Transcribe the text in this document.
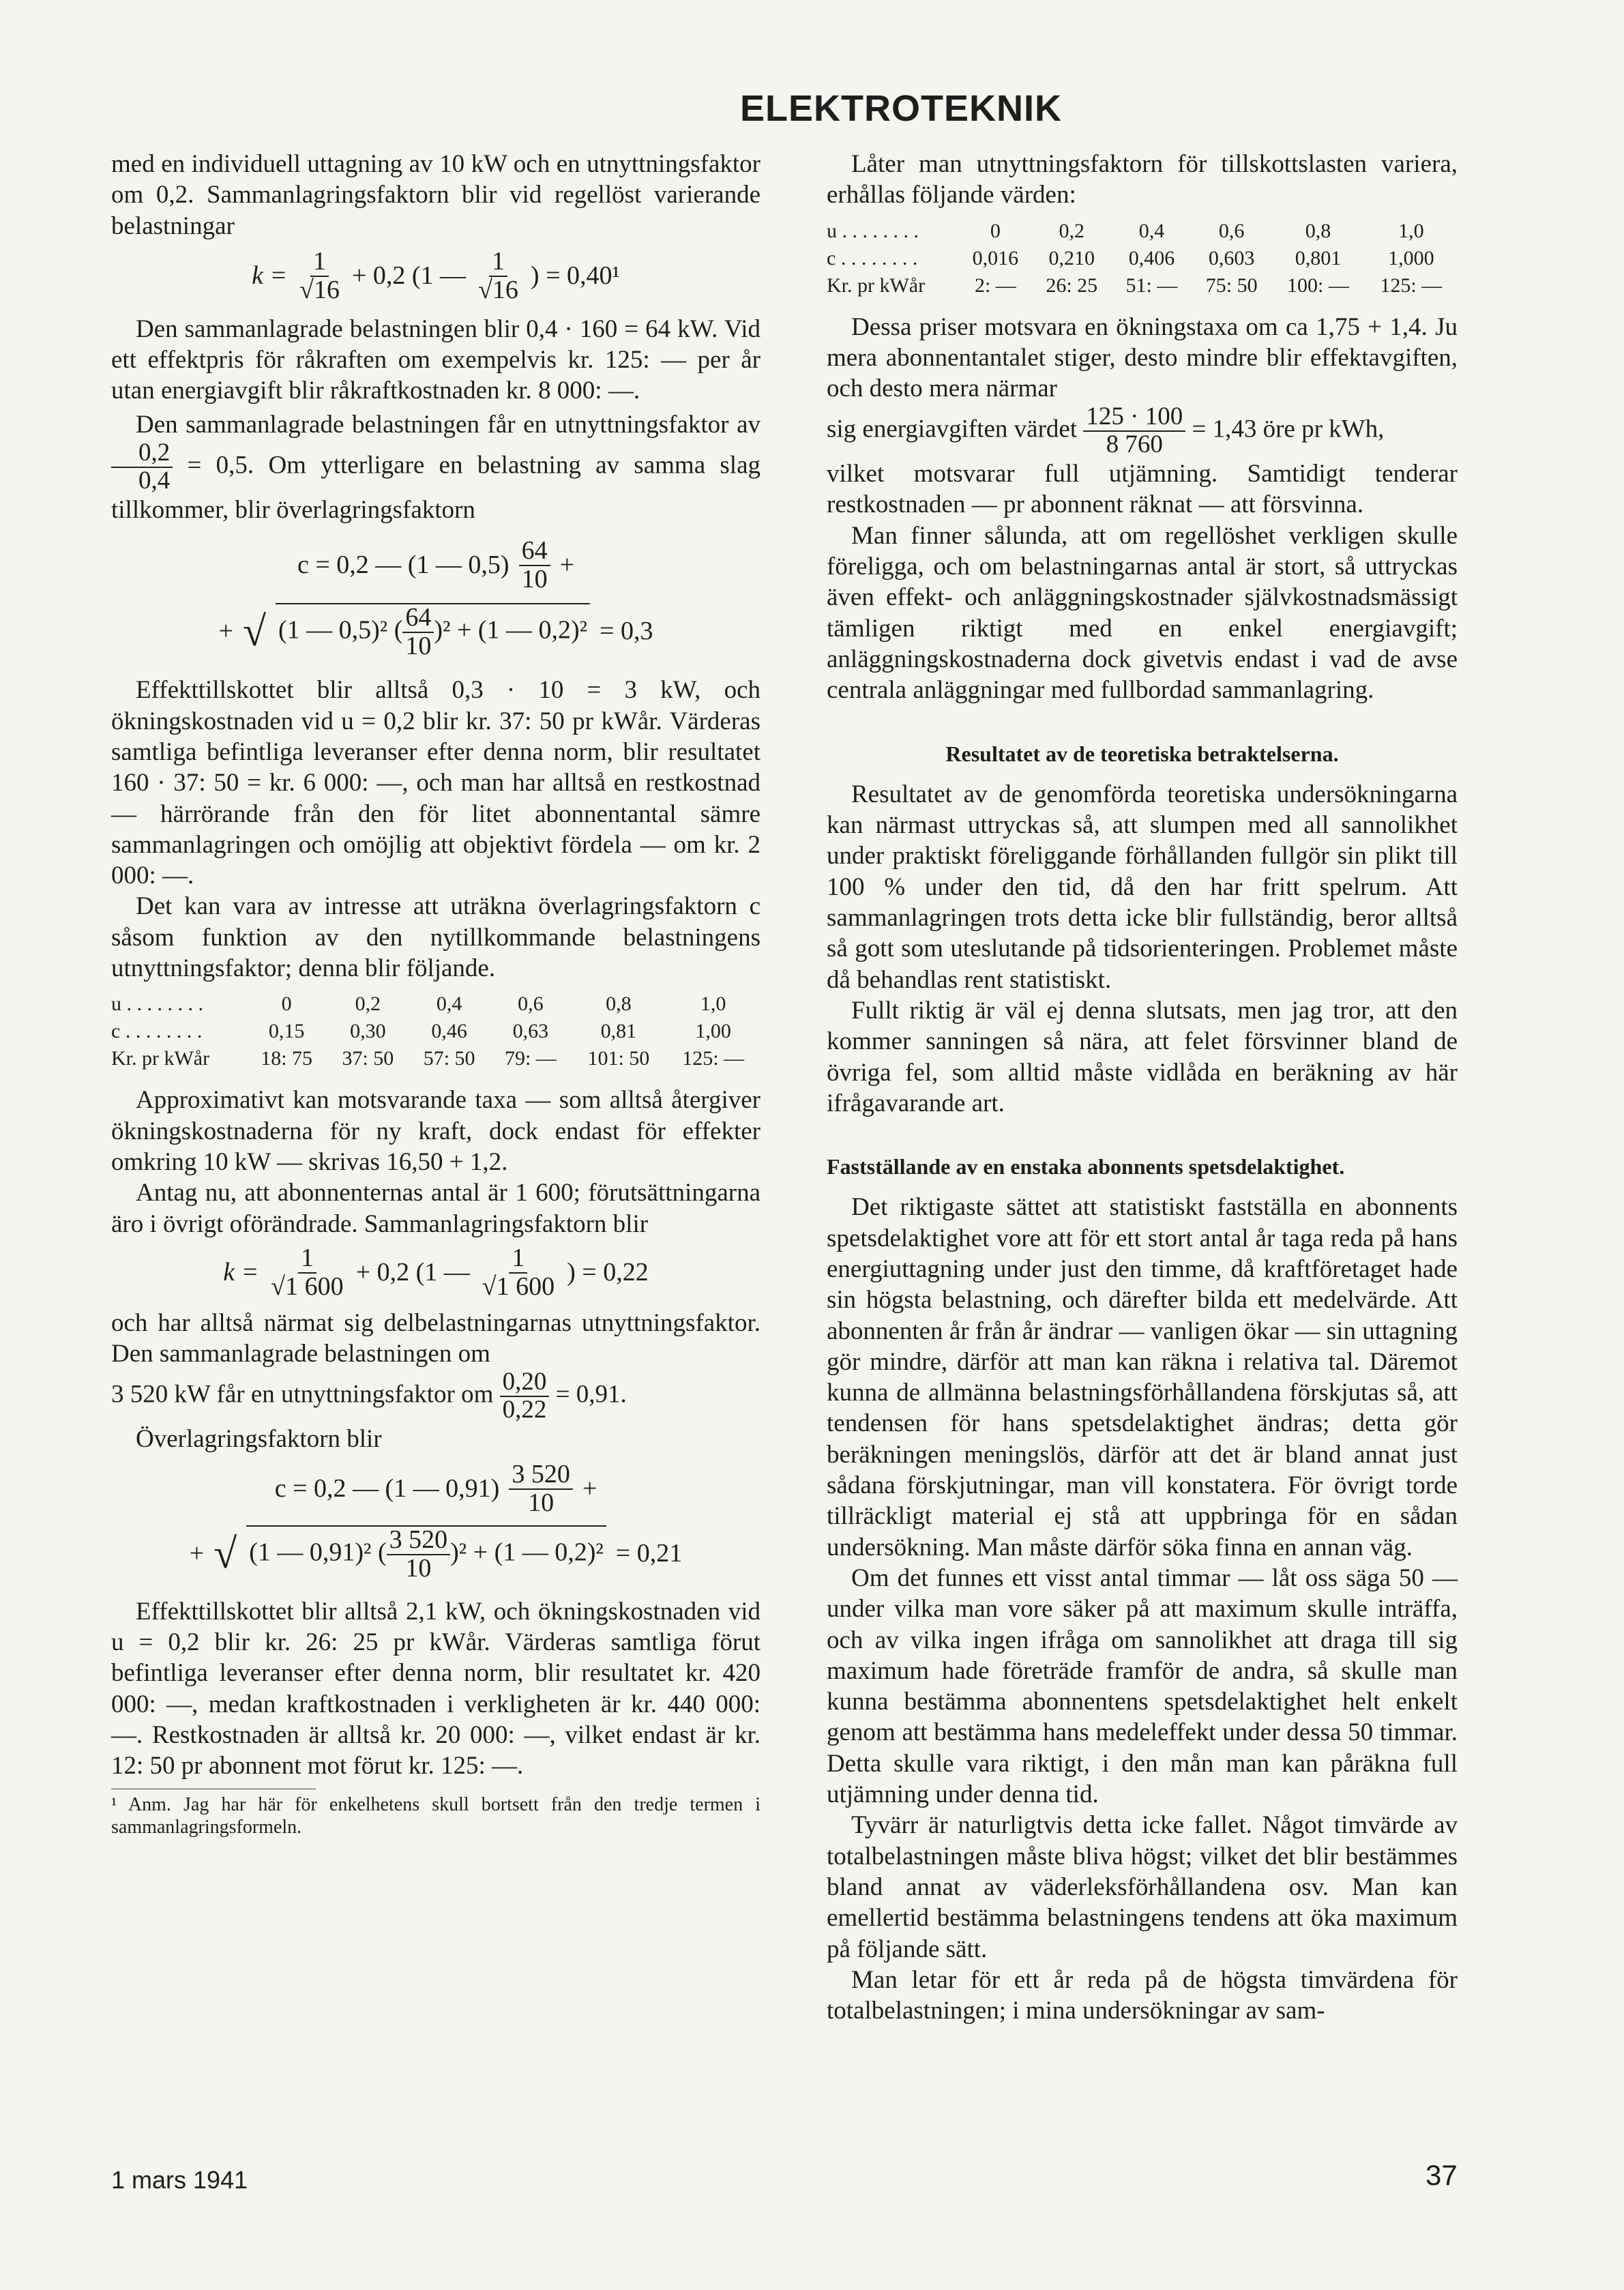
ELEKTROTEKNIK

med en individuell uttagning av 10 kW och en utnyttningsfaktor om 0,2. Sammanlagringsfaktorn blir vid regellöst varierande belastningar

$k = \frac{1}{√16} + 0,2$ (1 — $\frac{1}{√16}$ ) = 0,40¹

Den sammanlagrade belastningen blir 0,4 · 160 = 64 kW. Vid ett effektpris för råkraften om exempelvis kr. 125: — per år utan energiavgift blir råkraftkostnaden kr. 8 000: —.

Den sammanlagrade belastningen får en utnyttningsfaktor av
$\frac{0,2}{0,4} = 0,5$. Om ytterligare en belastning av samma slag tillkommer, blir överlagringsfaktorn

c = 0,2 — (1 — $0,5) \frac{64}{10}$ +
+ √ (1 — 0,5)² ( $\frac{64}{10} )^2 + (1$ — 0,2)² = 0,3

Effekttillskottet blir alltså 0,3 · 10 = 3 kW, och ökningskostnaden vid u = 0,2 blir kr. 37: 50 pr kWår. Värderas samtliga befintliga leveranser efter denna norm, blir resultatet 160 · 37: 50 = kr. 6 000: —, och man har alltså en restkostnad — härrörande från den för litet abonnentantal sämre sammanlagringen och omöjlig att objektivt fördela — om kr. 2 000: —.

Det kan vara av intresse att uträkna överlagringsfaktorn c såsom funktion av den nytillkommande belastningens utnyttningsfaktor; denna blir följande.

u . . . . . . . .	0	0,2	0,4	0,6	0,8	1,0
c . . . . . . . .	0,15	0,30	0,46	0,63	0,81	1,00
Kr. pr kWår	18: 75	37: 50	57: 50	79: —	101: 50	125: —

Approximativt kan motsvarande taxa — som alltså återgiver ökningskostnaderna för ny kraft, dock endast för effekter omkring 10 kW — skrivas 16,50 + 1,2.

Antag nu, att abonnenternas antal är 1 600; förutsättningarna äro i övrigt oförändrade. Sammanlagringsfaktorn blir

$k = \frac{1}{√1 600} + 0,2$ (1 — $\frac{1}{√1 600}$ ) = 0,22

och har alltså närmat sig delbelastningarnas utnyttningsfaktor. Den sammanlagrade belastningen om

3 520 kW får en utnyttningsfaktor om $\frac{0,20}{0,22} = 0,91$.

Överlagringsfaktorn blir

c = 0,2 — (1 — $0,91) \frac{3 520}{10}$ +
+ √ (1 — 0,91)² ( $\frac{3 520}{10} )^2 + (1$ — 0,2)² = 0,21

Effekttillskottet blir alltså 2,1 kW, och ökningskostnaden vid u = 0,2 blir kr. 26: 25 pr kWår. Värderas samtliga förut befintliga leveranser efter denna norm, blir resultatet kr. 420 000: —, medan kraftkostnaden i verkligheten är kr. 440 000: —. Restkostnaden är alltså kr. 20 000: —, vilket endast är kr. 12: 50 pr abonnent mot förut kr. 125: —.

¹ Anm. Jag har här för enkelhetens skull bortsett från den tredje termen i sammanlagringsformeln.

Låter man utnyttningsfaktorn för tillskottslasten variera, erhållas följande värden:

u . . . . . . . .	0	0,2	0,4	0,6	0,8	1,0
c . . . . . . . .	0,016	0,210	0,406	0,603	0,801	1,000
Kr. pr kWår	2: —	26: 25	51: —	75: 50	100: —	125: —

Dessa priser motsvara en ökningstaxa om ca 1,75 + 1,4. Ju mera abonnentantalet stiger, desto mindre blir effektavgiften, och desto mera närmar

sig energiavgiften värdet $\frac{125 \cdot 100}{8 760} = 1,43$ öre pr kWh,

vilket motsvarar full utjämning. Samtidigt tenderar restkostnaden — pr abonnent räknat — att försvinna.

Man finner sålunda, att om regellöshet verkligen skulle föreligga, och om belastningarnas antal är stort, så uttryckas även effekt- och anläggningskostnader självkostnadsmässigt tämligen riktigt med en enkel energiavgift; anläggningskostnaderna dock givetvis endast i vad de avse centrala anläggningar med fullbordad sammanlagring.

Resultatet av de teoretiska betraktelserna.

Resultatet av de genomförda teoretiska undersökningarna kan närmast uttryckas så, att slumpen med all sannolikhet under praktiskt föreliggande förhållanden fullgör sin plikt till 100 % under den tid, då den har fritt spelrum. Att sammanlagringen trots detta icke blir fullständig, beror alltså så gott som uteslutande på tidsorienteringen. Problemet måste då behandlas rent statistiskt.

Fullt riktig är väl ej denna slutsats, men jag tror, att den kommer sanningen så nära, att felet försvinner bland de övriga fel, som alltid måste vidlåda en beräkning av här ifrågavarande art.

Fastställande av en enstaka abonnents spetsdelaktighet.

Det riktigaste sättet att statistiskt fastställa en abonnents spetsdelaktighet vore att för ett stort antal år taga reda på hans energiuttagning under just den timme, då kraftföretaget hade sin högsta belastning, och därefter bilda ett medelvärde. Att abonnenten år från år ändrar — vanligen ökar — sin uttagning gör mindre, därför att man kan räkna i relativa tal. Däremot kunna de allmänna belastningsförhållandena förskjutas så, att tendensen för hans spetsdelaktighet ändras; detta gör beräkningen meningslös, därför att det är bland annat just sådana förskjutningar, man vill konstatera. För övrigt torde tillräckligt material ej stå att uppbringa för en sådan undersökning. Man måste därför söka finna en annan väg.

Om det funnes ett visst antal timmar — låt oss säga 50 — under vilka man vore säker på att maximum skulle inträffa, och av vilka ingen ifråga om sannolikhet att draga till sig maximum hade företräde framför de andra, så skulle man kunna bestämma abonnentens spetsdelaktighet helt enkelt genom att bestämma hans medeleffekt under dessa 50 timmar. Detta skulle vara riktigt, i den mån man kan påräkna full utjämning under denna tid.

Tyvärr är naturligtvis detta icke fallet. Något timvärde av totalbelastningen måste bliva högst; vilket det blir bestämmes bland annat av väderleksförhållandena osv. Man kan emellertid bestämma belastningens tendens att öka maximum på följande sätt.

Man letar för ett år reda på de högsta timvärdena för totalbelastningen; i mina undersökningar av sam-

1 mars 1941	37
